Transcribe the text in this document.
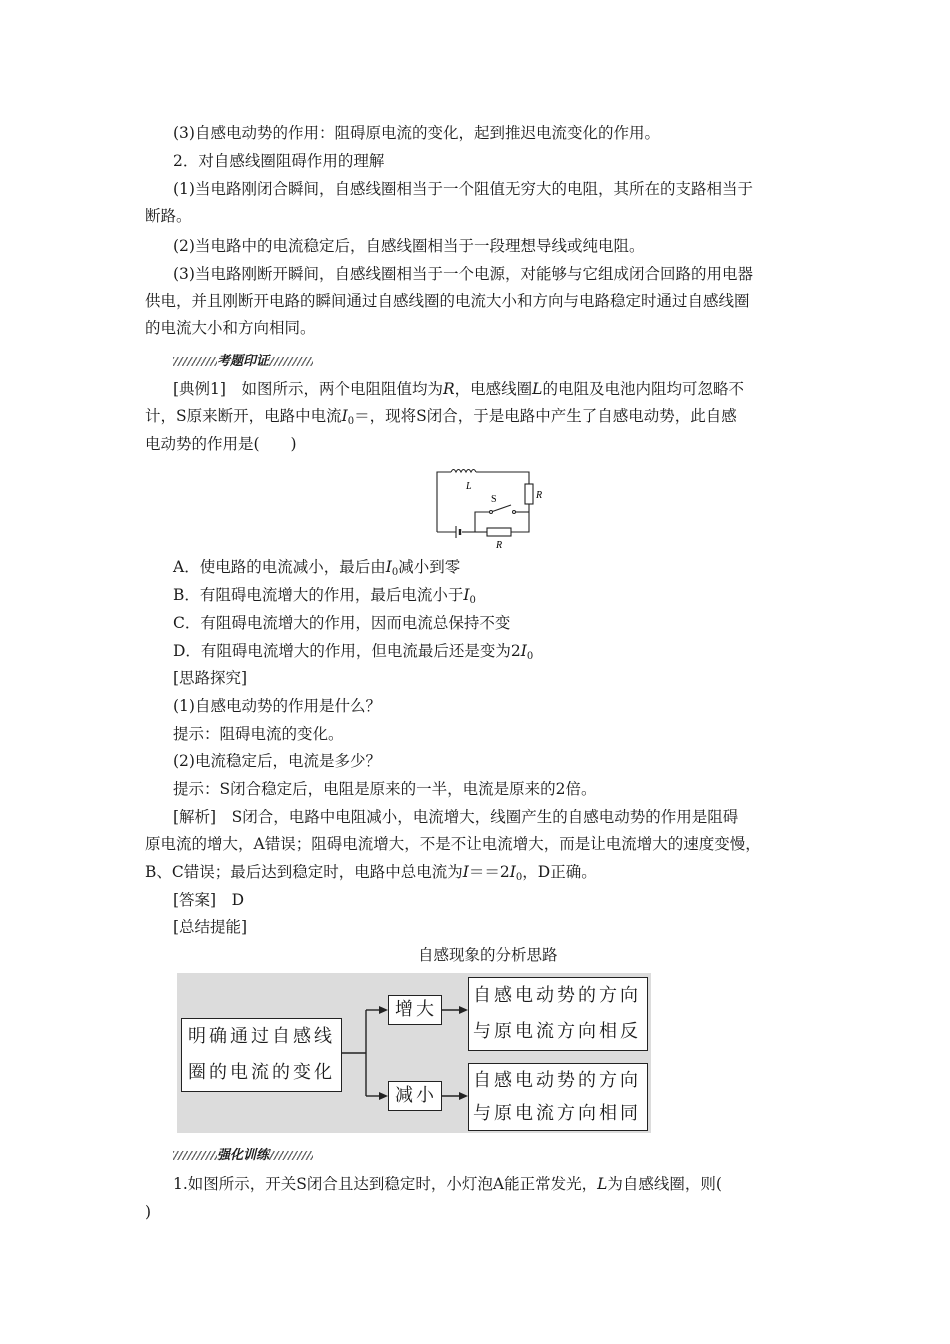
(3)自感电动势的作用：阻碍原电流的变化，起到推迟电流变化的作用。
2．对自感线圈阻碍作用的理解
(1)当电路刚闭合瞬间，自感线圈相当于一个阻值无穷大的电阻，其所在的支路相当于
断路。
(2)当电路中的电流稳定后，自感线圈相当于一段理想导线或纯电阻。
(3)当电路刚断开瞬间，自感线圈相当于一个电源，对能够与它组成闭合回路的用电器
供电，并且刚断开电路的瞬间通过自感线圈的电流大小和方向与电路稳定时通过自感线圈
的电流大小和方向相同。
考题印证
[典例1]　如图所示，两个电阻阻值均为R，电感线圈L的电阻及电池内阻均可忽略不
计，S原来断开，电路中电流$I_0=$，现将S闭合，于是电路中产生了自感电动势，此自感
电动势的作用是(　　)
L
S	R
R
A．使电路的电流减小，最后由$I_0$减小到零
B．有阻碍电流增大的作用，最后电流小于$I_0$
C．有阻碍电流增大的作用，因而电流总保持不变
D．有阻碍电流增大的作用，但电流最后还是变为$2I_0$
[思路探究]
(1)自感电动势的作用是什么？
提示：阻碍电流的变化。
(2)电流稳定后，电流是多少？
提示：S闭合稳定后，电阻是原来的一半，电流是原来的2倍。
[解析]　S闭合，电路中电阻减小，电流增大，线圈产生的自感电动势的作用是阻碍
原电流的增大，A错误；阻碍电流增大，不是不让电流增大，而是让电流增大的速度变慢，
B、C错误；最后达到稳定时，电路中总电流为$I==2I_0$，D正确。
[答案]　D
[总结提能]
自感现象的分析思路
明确通过自感线
圈的电流的变化
增大
减小
自感电动势的方向
与原电流方向相反
自感电动势的方向
与原电流方向相同
强化训练
1.如图所示，开关S闭合且达到稳定时，小灯泡A能正常发光，L为自感线圈，则(
)
